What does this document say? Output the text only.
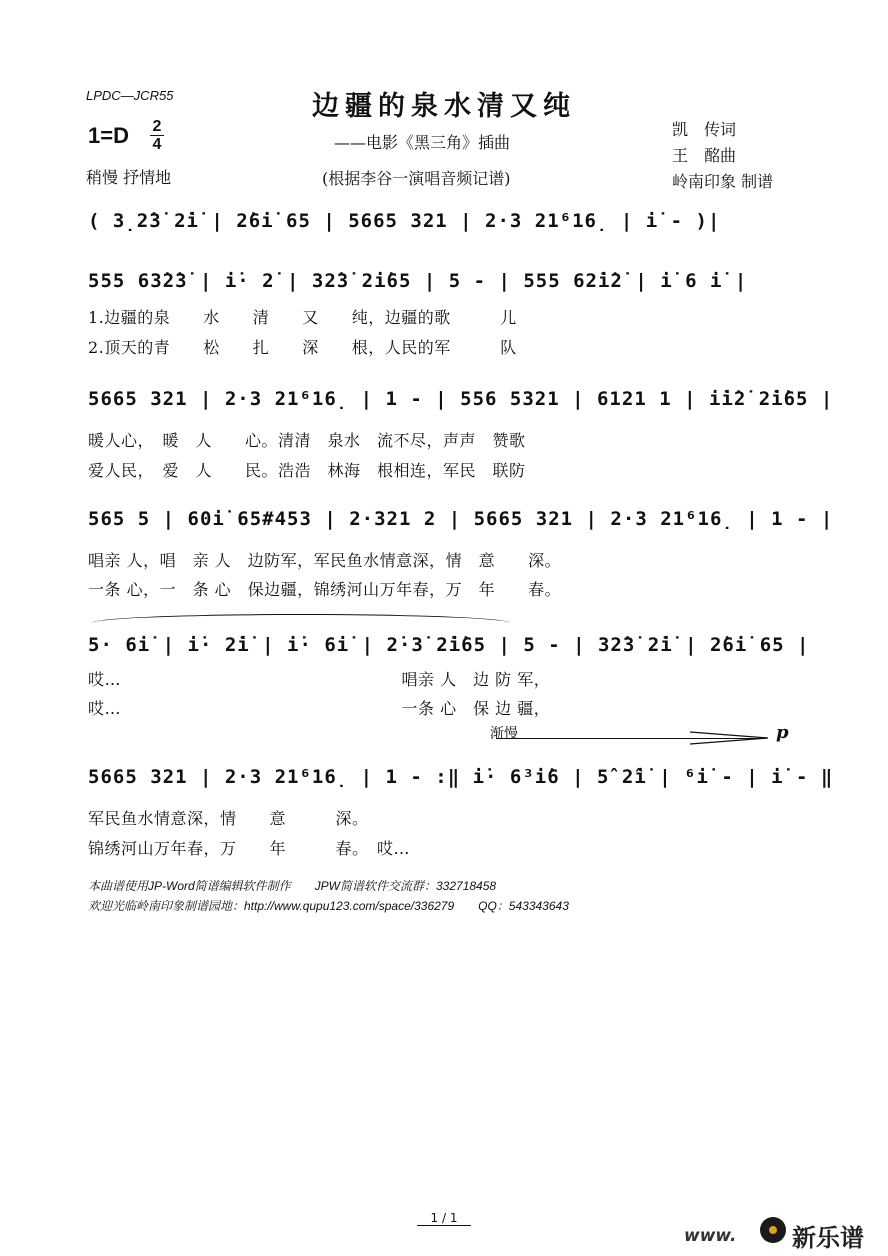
LPDC—JCR55	边疆的泉水清又纯
——电影《黑三角》插曲
(根据李谷一演唱音频记谱)
1=D 2
4
稍慢 抒情地
凯　传词
王　酩曲
岭南印象 制谱
( 3̣2̇3̇ 2̇i̇ | 2̇6i̇ 65 | 5665 321 | 2·3 21⁶16̣ | i̇ - )|
555 63̇2̇3̇ | i̇· 2̇ | 32̇3̇ 2i̇65 | 5 - | 555 62̇i̇2̇ | i̇ 6 i̇ |
1.边疆的泉　　水　　清　　又　　纯，边疆的歌　　　儿
2.顶天的青　　松　　扎　　深　　根，人民的军　　　队
5665 321 | 2·3 21⁶16̣ | 1 - | 556 5321 | 6121 1 | i̇i̇2̇ 2̇i̇65 |
暖人心，　暖　人　　心。清清　泉水　流不尽，声声　赞歌
爱人民，　爱　人　　民。浩浩　林海　根相连，军民　联防
565 5 | 60i̇ 65#453 | 2·321 2 | 5665 321 | 2·3 21⁶16̣ | 1 - |
唱亲 人，唱　亲 人　边防军，军民鱼水情意深，情　意　　深。
一条 心，一　条 心　保边疆，锦绣河山万年春，万　年　　春。
5· 6i̇ | i̇· 2̇i̇ | i̇· 6i̇ | 2̇·3̇ 2̇i̇65 | 5 - | 32̇3̇ 2̇i̇ | 2̇6i̇ 65 |
哎…　　　　　　　　　　　　　　　　　唱亲 人　边 防 军，
哎…　　　　　　　　　　　　　　　　　一条 心　保 边 疆，
渐慢	p
5665 321 | 2·3 21⁶16̣ | 1 - :‖ i̇· 6³i̇6 | 5̂ 2̂i̇ | ⁶i̇ - | i̇ - ‖
军民鱼水情意深，情　　意　　　深。
锦绣河山万年春，万　　年　　　春。　哎…
本曲谱使用JP-Word简谱编辑软件制作　　JPW简谱软件交流群：332718458
欢迎光临岭南印象制谱园地：http://www.qupu123.com/space/336279　　QQ：543343643
1 / 1
www. 新乐谱
